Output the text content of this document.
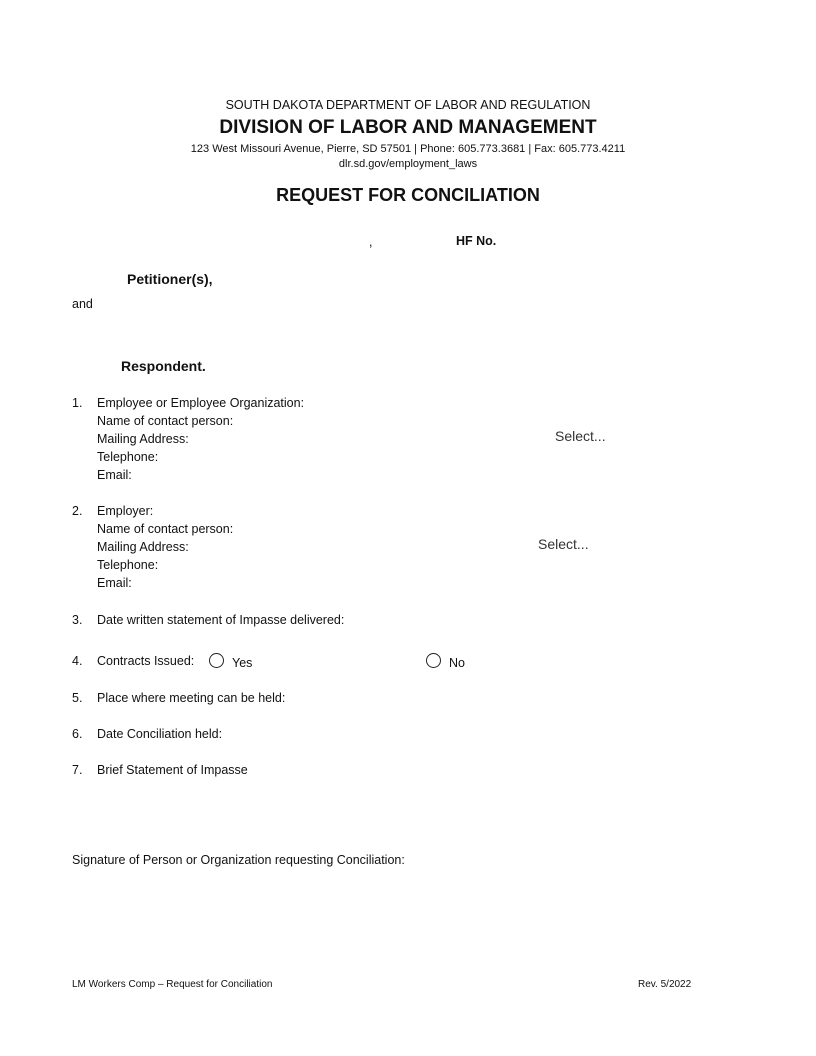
SOUTH DAKOTA DEPARTMENT OF LABOR AND REGULATION
DIVISION OF LABOR AND MANAGEMENT
123 West Missouri Avenue, Pierre, SD 57501 | Phone: 605.773.3681 | Fax: 605.773.4211
dlr.sd.gov/employment_laws
REQUEST FOR CONCILIATION
,	HF No.
Petitioner(s),
and
Respondent.
1. Employee or Employee Organization:
Name of contact person:
Mailing Address:	Select...
Telephone:
Email:
2. Employer:
Name of contact person:
Mailing Address:	Select...
Telephone:
Email:
3. Date written statement of Impasse delivered:
4. Contracts Issued:	Yes	No
5. Place where meeting can be held:
6. Date Conciliation held:
7. Brief Statement of Impasse
Signature of Person or Organization requesting Conciliation:
LM Workers Comp – Request for Conciliation	Rev. 5/2022
